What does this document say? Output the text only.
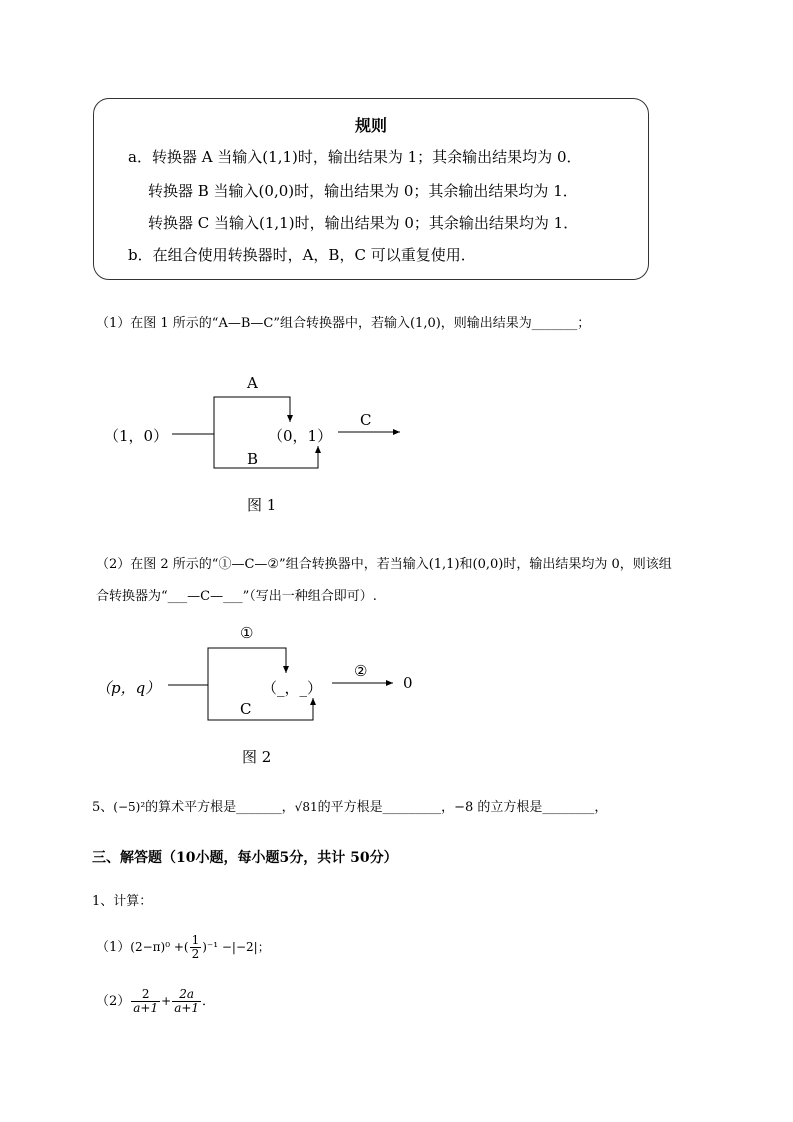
规则
a．转换器 A 当输入(1,1)时，输出结果为 1；其余输出结果均为 0．
转换器 B 当输入(0,0)时，输出结果为 0；其余输出结果均为 1．
转换器 C 当输入(1,1)时，输出结果为 0；其余输出结果均为 1．
b．在组合使用转换器时，A，B，C 可以重复使用．
（1）在图 1 所示的“A—B—C”组合转换器中，若输入(1,0)，则输出结果为_______；
（1，0）
A
B
（0，1）
C
图 1
（2）在图 2 所示的“①—C—②”组合转换器中，若当输入(1,1)和(0,0)时，输出结果均为 0，则该组
合转换器为“___—C—___”（写出一种组合即可）.
（p，q）
①
C
（_，_）
②
0
图 2
5、(−5)²的算术平方根是_______，√81的平方根是_________，−8 的立方根是________，
三、解答题（10小题，每小题5分，共计 50分）
1、计算：
（1）(2−π)⁰ +( $\frac{1}{2} )^{-1} -|-2|$；
$(2) \frac{2}{a+1} + \frac{2a}{a+1}$ ．
